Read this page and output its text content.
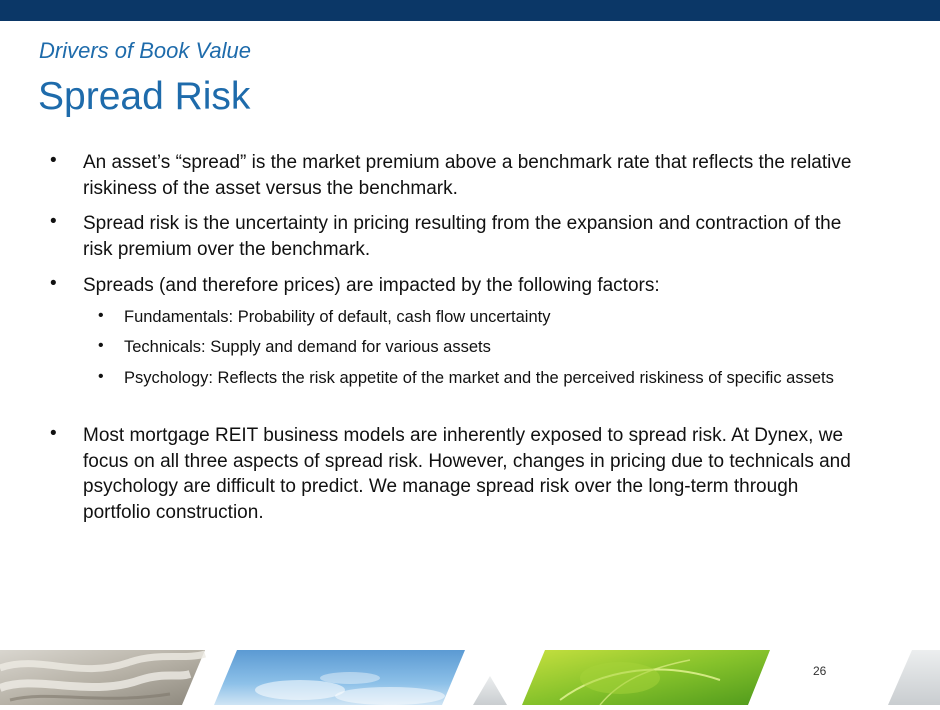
Drivers of Book Value
Spread Risk
• An asset’s “spread” is the market premium above a benchmark rate that reflects the relative riskiness of the asset versus the benchmark.
• Spread risk is the uncertainty in pricing resulting from the expansion and contraction of the risk premium over the benchmark.
• Spreads (and therefore prices) are impacted by the following factors:
• Fundamentals: Probability of default, cash flow uncertainty
• Technicals: Supply and demand for various assets
• Psychology: Reflects the risk appetite of the market and the perceived riskiness of specific assets
• Most mortgage REIT business models are inherently exposed to spread risk. At Dynex, we focus on all three aspects of spread risk. However, changes in pricing due to technicals and psychology are difficult to predict. We manage spread risk over the long-term through portfolio construction.
26
